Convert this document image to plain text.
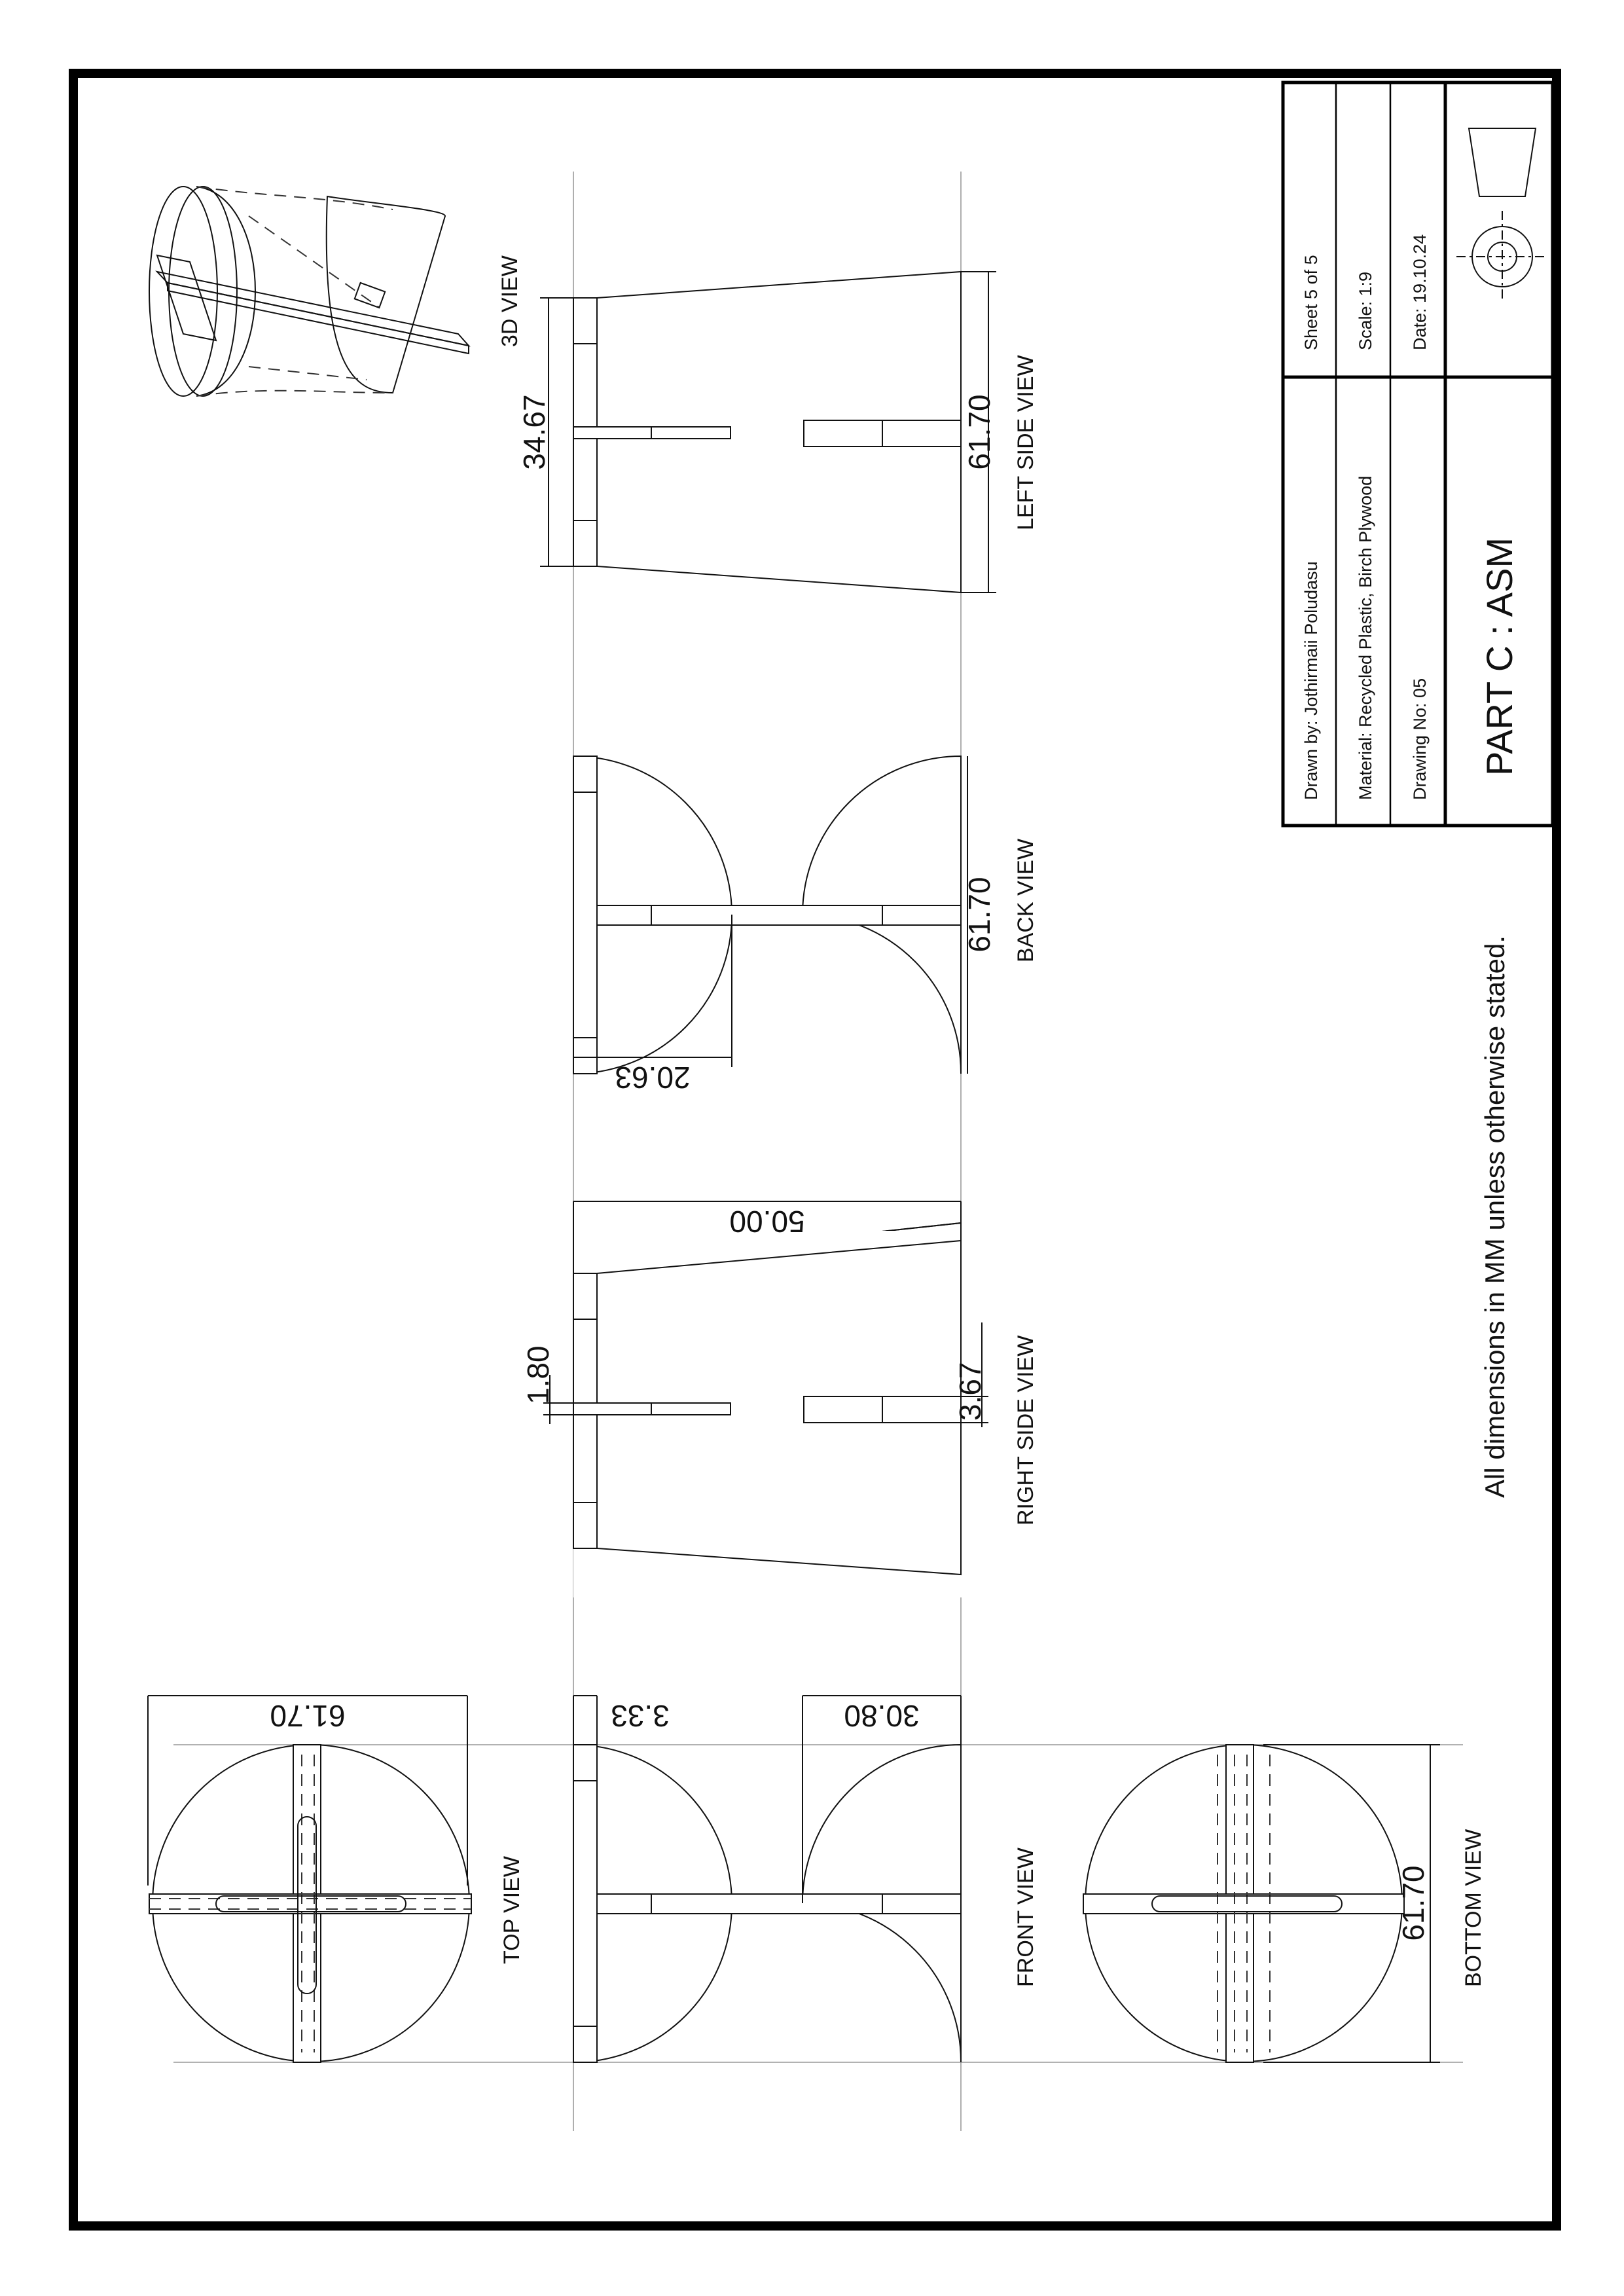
Drawn by: Jothirmaii Poludasu Material: Recycled Plastic, Birch Plywood Drawing No: 05
Sheet 5 of 5 Scale: 1:9 Date: 19.10.24
PART C : ASM
All dimensions in MM unless otherwise stated.
TOP VIEW
61.70
FRONT VIEW
3.33	30.80
BOTTOM VIEW
61.70
RIGHT SIDE VIEW
50.00
1.80	3.67
BACK VIEW
20.63
61.70
LEFT SIDE VIEW
34.67	61.70
3D VIEW
